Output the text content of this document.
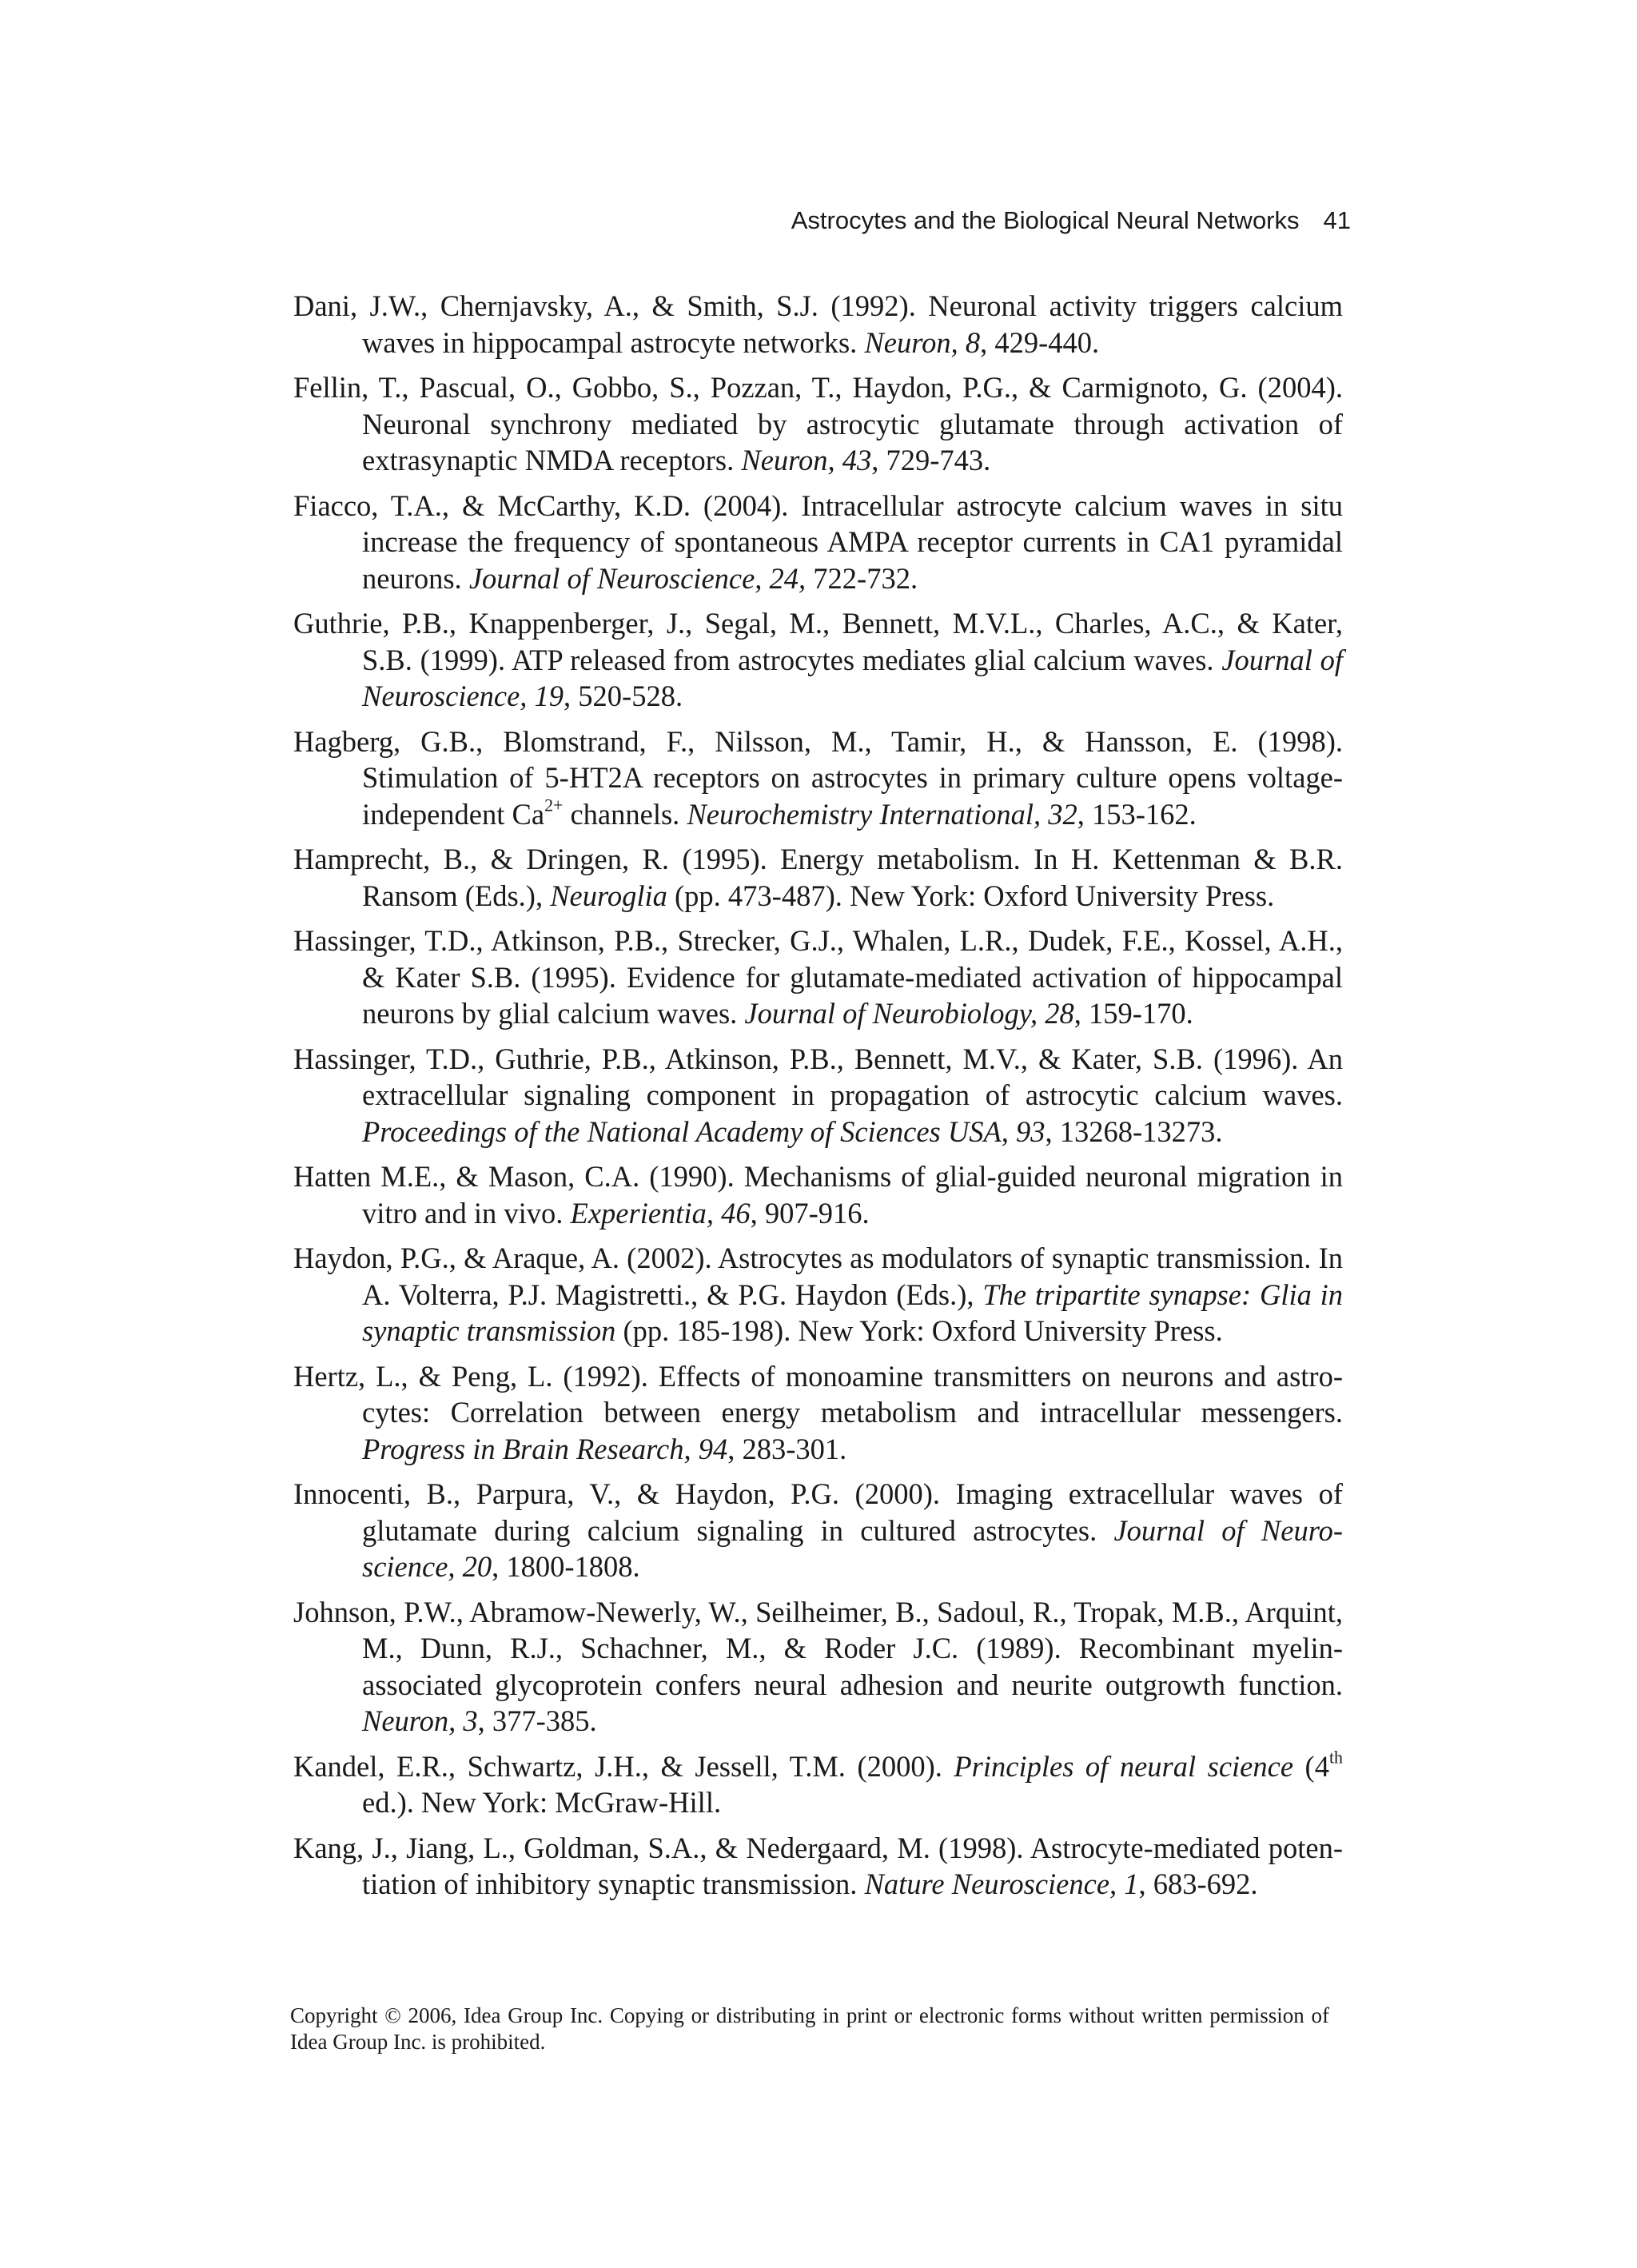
Astrocytes and the Biological Neural Networks 41

Dani, J.W., Chernjavsky, A., & Smith, S.J. (1992). Neuronal activity triggers calcium waves in hippocampal astrocyte networks. Neuron, 8, 429-440.

Fellin, T., Pascual, O., Gobbo, S., Pozzan, T., Haydon, P.G., & Carmignoto, G. (2004). Neuronal synchrony mediated by astrocytic glutamate through activation of extrasynaptic NMDA receptors. Neuron, 43, 729-743.

Fiacco, T.A., & McCarthy, K.D. (2004). Intracellular astrocyte calcium waves in situ increase the frequency of spontaneous AMPA receptor currents in CA1 pyramidal neurons. Journal of Neuroscience, 24, 722-732.

Guthrie, P.B., Knappenberger, J., Segal, M., Bennett, M.V.L., Charles, A.C., & Kater, S.B. (1999). ATP released from astrocytes mediates glial calcium waves. Journal of Neuroscience, 19, 520-528.

Hagberg, G.B., Blomstrand, F., Nilsson, M., Tamir, H., & Hansson, E. (1998). Stimulation of 5-HT2A receptors on astrocytes in primary culture opens voltage-independent $Ca^{2+}$ channels. Neurochemistry International, 32, 153-162.

Hamprecht, B., & Dringen, R. (1995). Energy metabolism. In H. Kettenman & B.R. Ransom (Eds.), Neuroglia (pp. 473-487). New York: Oxford University Press.

Hassinger, T.D., Atkinson, P.B., Strecker, G.J., Whalen, L.R., Dudek, F.E., Kossel, A.H., & Kater S.B. (1995). Evidence for glutamate-mediated activation of hippocampal neurons by glial calcium waves. Journal of Neurobiology, 28, 159-170.

Hassinger, T.D., Guthrie, P.B., Atkinson, P.B., Bennett, M.V., & Kater, S.B. (1996). An extracellular signaling component in propagation of astrocytic calcium waves. Proceedings of the National Academy of Sciences USA, 93, 13268-13273.

Hatten M.E., & Mason, C.A. (1990). Mechanisms of glial-guided neuronal migration in vitro and in vivo. Experientia, 46, 907-916.

Haydon, P.G., & Araque, A. (2002). Astrocytes as modulators of synaptic transmission. In A. Volterra, P.J. Magistretti., & P.G. Haydon (Eds.), The tripartite synapse: Glia in synaptic transmission (pp. 185-198). New York: Oxford University Press.

Hertz, L., & Peng, L. (1992). Effects of monoamine transmitters on neurons and astro-cytes: Correlation between energy metabolism and intracellular messengers. Progress in Brain Research, 94, 283-301.

Innocenti, B., Parpura, V., & Haydon, P.G. (2000). Imaging extracellular waves of glutamate during calcium signaling in cultured astrocytes. Journal of Neuro-science, 20, 1800-1808.

Johnson, P.W., Abramow-Newerly, W., Seilheimer, B., Sadoul, R., Tropak, M.B., Arquint, M., Dunn, R.J., Schachner, M., & Roder J.C. (1989). Recombinant myelin-associated glycoprotein confers neural adhesion and neurite outgrowth function. Neuron, 3, 377-385.

Kandel, E.R., Schwartz, J.H., & Jessell, T.M. (2000). Principles of neural science (4th ed.). New York: McGraw-Hill.

Kang, J., Jiang, L., Goldman, S.A., & Nedergaard, M. (1998). Astrocyte-mediated poten-tiation of inhibitory synaptic transmission. Nature Neuroscience, 1, 683-692.

Copyright © 2006, Idea Group Inc. Copying or distributing in print or electronic forms without written permission of Idea Group Inc. is prohibited.
